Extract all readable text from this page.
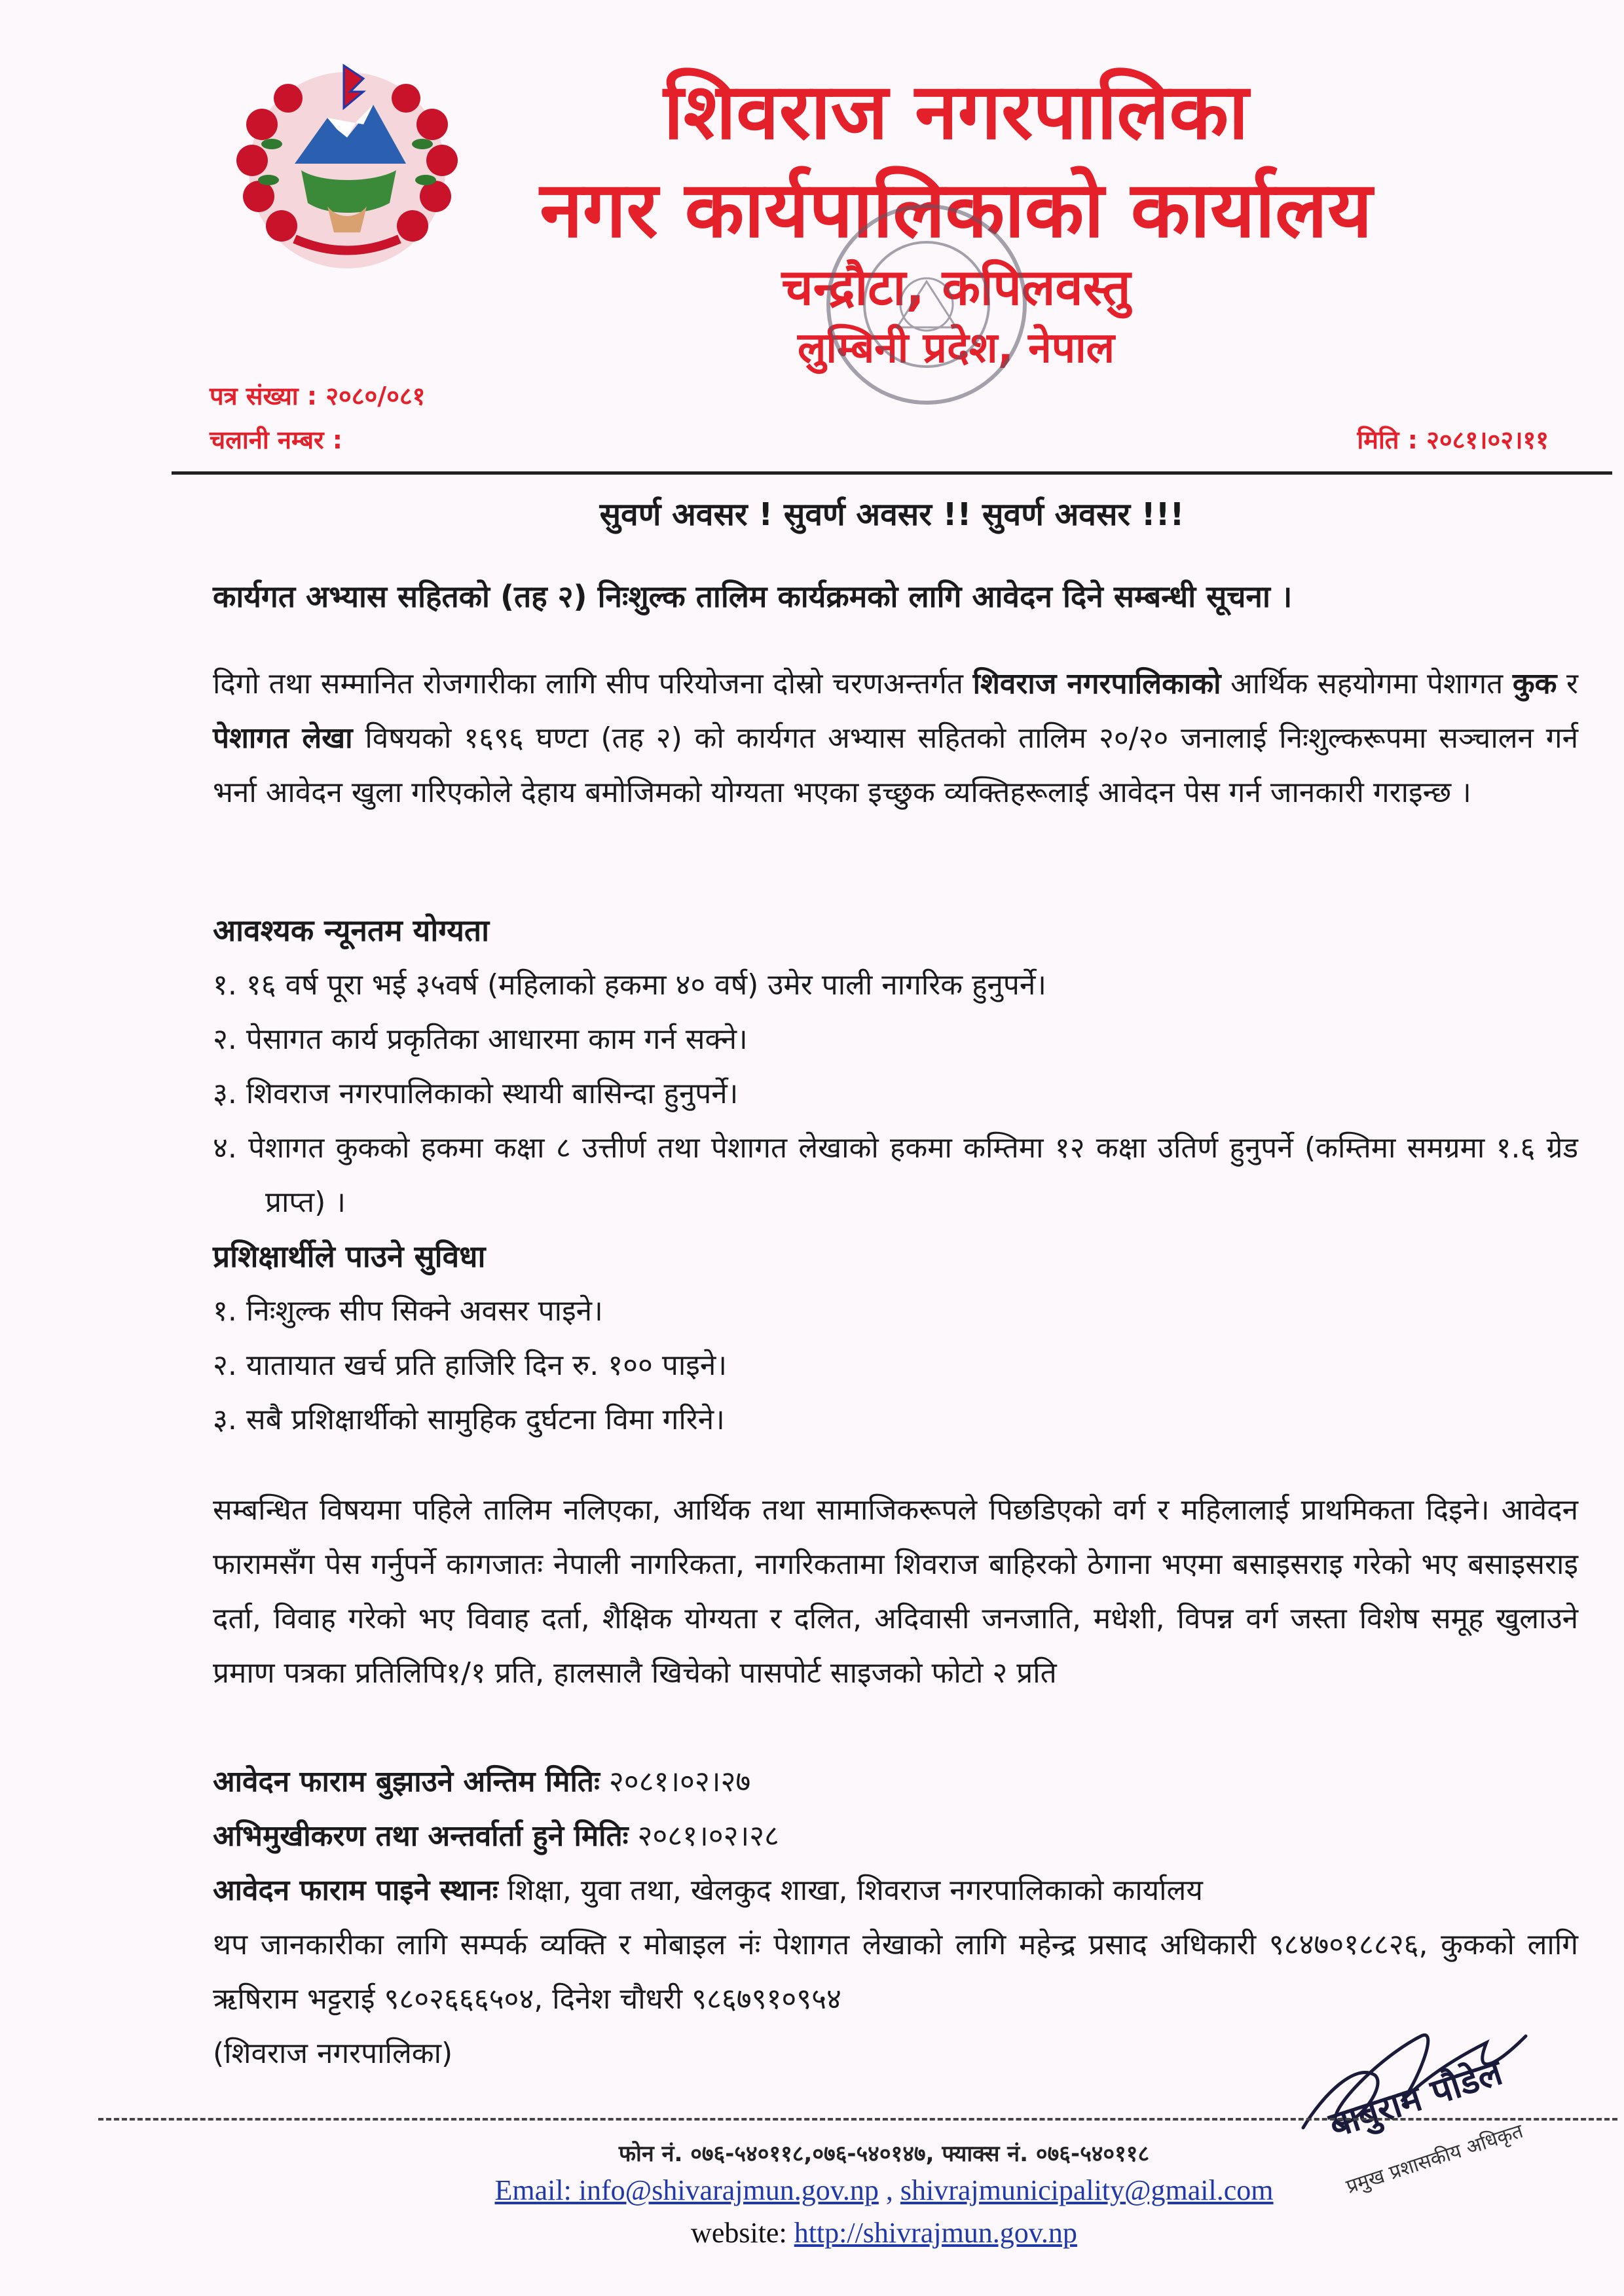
शिवराज नगरपालिका
नगर कार्यपालिकाको कार्यालय
चन्द्रौटा, कपिलवस्तु
लुम्बिनी प्रदेश, नेपाल
पत्र संख्या : २०८०/०८१
चलानी नम्बर :	मिति : २०८१।०२।११
सुवर्ण अवसर ! सुवर्ण अवसर !! सुवर्ण अवसर !!!
कार्यगत अभ्यास सहितको (तह २) निःशुल्क तालिम कार्यक्रमको लागि आवेदन दिने सम्बन्धी सूचना ।
दिगो तथा सम्मानित रोजगारीका लागि सीप परियोजना दोस्रो चरणअन्तर्गत शिवराज नगरपालिकाको आर्थिक सहयोगमा पेशागत कुक र पेशागत लेखा विषयको १६९६ घण्टा (तह २) को कार्यगत अभ्यास सहितको तालिम २०/२० जनालाई निःशुल्करूपमा सञ्चालन गर्न भर्ना आवेदन खुला गरिएकोले देहाय बमोजिमको योग्यता भएका इच्छुक व्यक्तिहरूलाई आवेदन पेस गर्न जानकारी गराइन्छ ।
आवश्यक न्यूनतम योग्यता
१. १६ वर्ष पूरा भई ३५वर्ष (महिलाको हकमा ४० वर्ष) उमेर पाली नागरिक हुनुपर्ने।
२. पेसागत कार्य प्रकृतिका आधारमा काम गर्न सक्ने।
३. शिवराज नगरपालिकाको स्थायी बासिन्दा हुनुपर्ने।
४. पेशागत कुकको हकमा कक्षा ८ उत्तीर्ण तथा पेशागत लेखाको हकमा कम्तिमा १२ कक्षा उतिर्ण हुनुपर्ने (कम्तिमा समग्रमा १.६ ग्रेड प्राप्त) ।
प्रशिक्षार्थीले पाउने सुविधा
१. निःशुल्क सीप सिक्ने अवसर पाइने।
२. यातायात खर्च प्रति हाजिरि दिन रु. १०० पाइने।
३. सबै प्रशिक्षार्थीको सामुहिक दुर्घटना विमा गरिने।
सम्बन्धित विषयमा पहिले तालिम नलिएका, आर्थिक तथा सामाजिकरूपले पिछडिएको वर्ग र महिलालाई प्राथमिकता दिइने। आवेदन फारामसँग पेस गर्नुपर्ने कागजातः नेपाली नागरिकता, नागरिकतामा शिवराज बाहिरको ठेगाना भएमा बसाइसराइ गरेको भए बसाइसराइ दर्ता, विवाह गरेको भए विवाह दर्ता, शैक्षिक योग्यता र दलित, अदिवासी जनजाति, मधेशी, विपन्न वर्ग जस्ता विशेष समूह खुलाउने प्रमाण पत्रका प्रतिलिपि१/१ प्रति, हालसालै खिचेको पासपोर्ट साइजको फोटो २ प्रति
आवेदन फाराम बुझाउने अन्तिम मितिः २०८१।०२।२७
अभिमुखीकरण तथा अन्तर्वार्ता हुने मितिः २०८१।०२।२८
आवेदन फाराम पाइने स्थानः शिक्षा, युवा तथा, खेलकुद शाखा, शिवराज नगरपालिकाको कार्यालय
थप जानकारीका लागि सम्पर्क व्यक्ति र मोबाइल नंः पेशागत लेखाको लागि महेन्द्र प्रसाद अधिकारी ९८४७०१८८२६, कुकको लागि ऋषिराम भट्टराई ९८०२६६६५०४, दिनेश चौधरी ९८६७९१०९५४
(शिवराज नगरपालिका)	बाबुराम पौडेल
प्रमुख प्रशासकीय अधिकृत
फोन नं. ०७६-५४०११८,०७६-५४०१४७, फ्याक्स नं. ०७६-५४०११८
Email: info@shivarajmun.gov.np , shivrajmunicipality@gmail.com
website: http://shivrajmun.gov.np
